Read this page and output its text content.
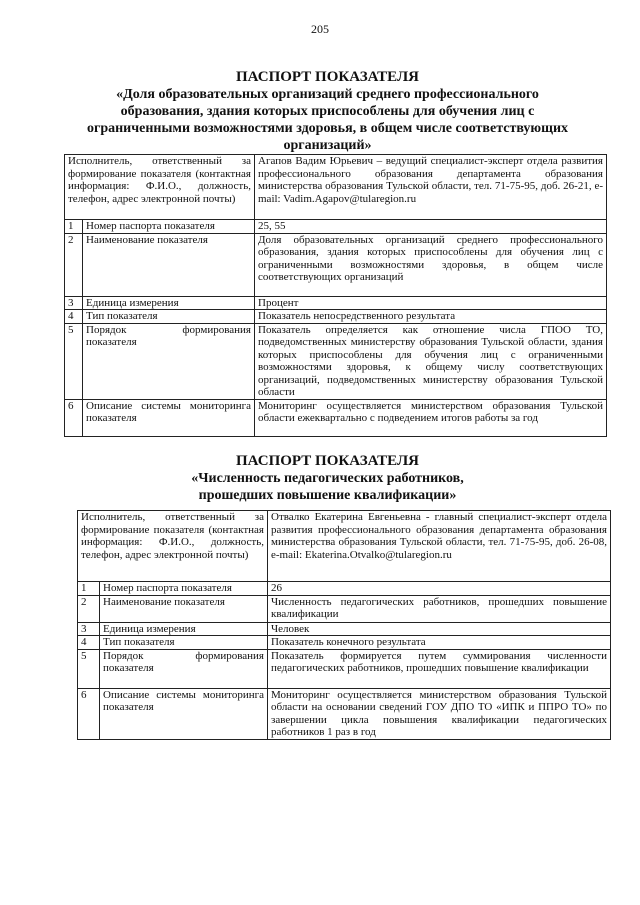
205
ПАСПОРТ ПОКАЗАТЕЛЯ
«Доля образовательных организаций среднего профессионального
образования, здания которых приспособлены для обучения лиц с
ограниченными возможностями здоровья, в общем числе соответствующих
организаций»
Исполнитель, ответственный за формирование показателя (контактная информация: Ф.И.О., должность, телефон, адрес электронной почты)		Агапов Вадим Юрьевич – ведущий специалист-эксперт отдела развития профессионального образования департамента образования министерства образования Тульской области, тел. 71-75-95, доб. 26-21, e-mail: Vadim.Agapov@tularegion.ru
1	Номер паспорта показателя	25, 55
2	Наименование показателя	Доля образовательных организаций среднего профессионального образования, здания которых приспособлены для обучения лиц с ограниченными возможностями здоровья, в общем числе соответствующих организаций
3	Единица измерения	Процент
4	Тип показателя	Показатель непосредственного результата
5	Порядок формирования показателя	Показатель определяется как отношение числа ГПОО ТО, подведомственных министерству образования Тульской области, здания которых приспособлены для обучения лиц с ограниченными возможностями здоровья, к общему числу соответствующих организаций, подведомственных министерству образования Тульской области
6	Описание системы мониторинга показателя	Мониторинг осуществляется министерством образования Тульской области ежеквартально с подведением итогов работы за год
ПАСПОРТ ПОКАЗАТЕЛЯ
«Численность педагогических работников,
прошедших повышение квалификации»
Исполнитель, ответственный за формирование показателя (контактная информация: Ф.И.О., должность, телефон, адрес электронной почты)		Отвалко Екатерина Евгеньевна - главный специалист-эксперт отдела развития профессионального образования департамента образования министерства образования Тульской области, тел. 71-75-95, доб. 26-08, e-mail: Ekaterina.Otvalko@tularegion.ru
1	Номер паспорта показателя	26
2	Наименование показателя	Численность педагогических работников, прошедших повышение квалификации
3	Единица измерения	Человек
4	Тип показателя	Показатель конечного результата
5	Порядок формирования показателя	Показатель формируется путем суммирования численности педагогических работников, прошедших повышение квалификации
6	Описание системы мониторинга показателя	Мониторинг осуществляется министерством образования Тульской области на основании сведений ГОУ ДПО ТО «ИПК и ППРО ТО» по завершении цикла повышения квалификации педагогических работников 1 раз в год
